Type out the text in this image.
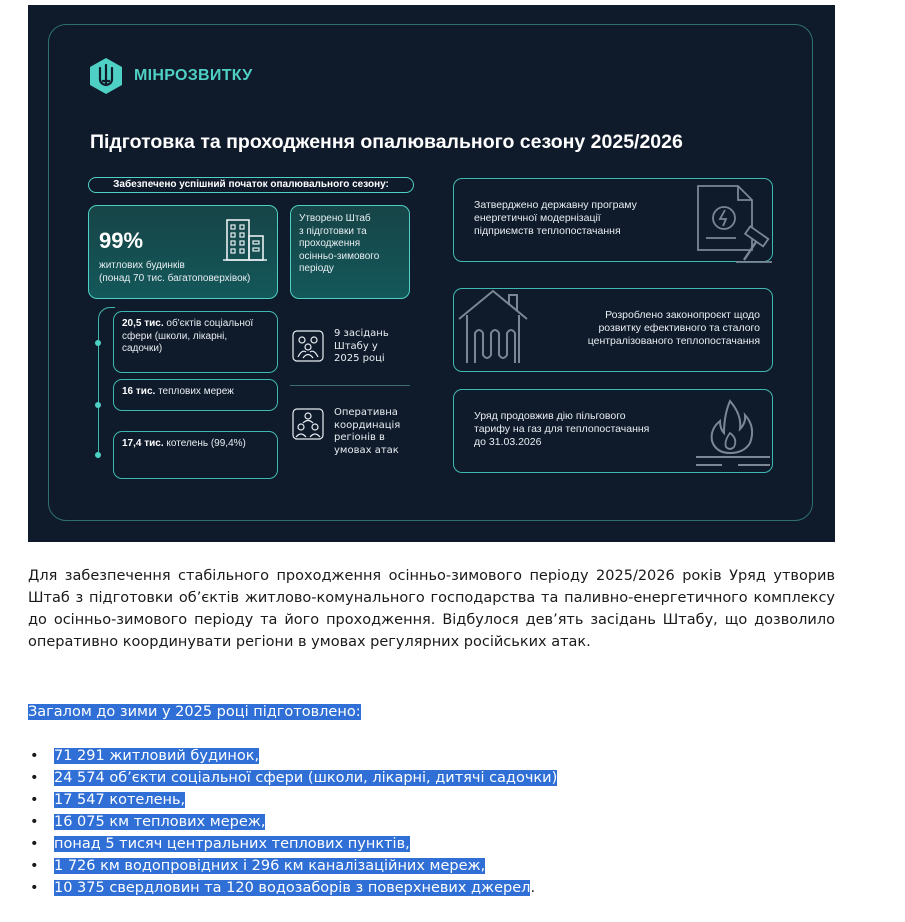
МІНРОЗВИТКУ
Підготовка та проходження опалювального сезону 2025/2026
Забезпечено успішний початок опалювального сезону:
99%
житлових будинків
(понад 70 тис. багатоповерхівок)
Утворено Штаб
з підготовки та
проходження
осінньо-зимового
періоду
20,5 тис. об'єктів соціальної
сфери (школи, лікарні,
садочки)
16 тис. теплових мереж
17,4 тис. котелень (99,4%)
9 засідань
Штабу у
2025 році
Оперативна
координація
регіонів в
умовах атак
Затверджено державну програму
енергетичної модернізації
підприємств теплопостачання
Розроблено законопроєкт щодо
розвитку ефективного та сталого
централізованого теплопостачання
Уряд продовжив дію пільгового
тарифу на газ для теплопостачання
до 31.03.2026
Для забезпечення стабільного проходження осінньо-зимового періоду 2025/2026 років Уряд утворив Штаб з підготовки об’єктів житлово-комунального господарства та паливно-енергетичного комплексу до осінньо-зимового періоду та його проходження. Відбулося дев’ять засідань Штабу, що дозволило оперативно координувати регіони в умовах регулярних російських атак.
Загалом до зими у 2025 році підготовлено:
• 71 291 житловий будинок,
• 24 574 об’єкти соціальної сфери (школи, лікарні, дитячі садочки)
• 17 547 котелень,
• 16 075 км теплових мереж,
• понад 5 тисяч центральних теплових пунктів,
• 1 726 км водопровідних і 296 км каналізаційних мереж,
• 10 375 свердловин та 120 водозаборів з поверхневих джерел.
